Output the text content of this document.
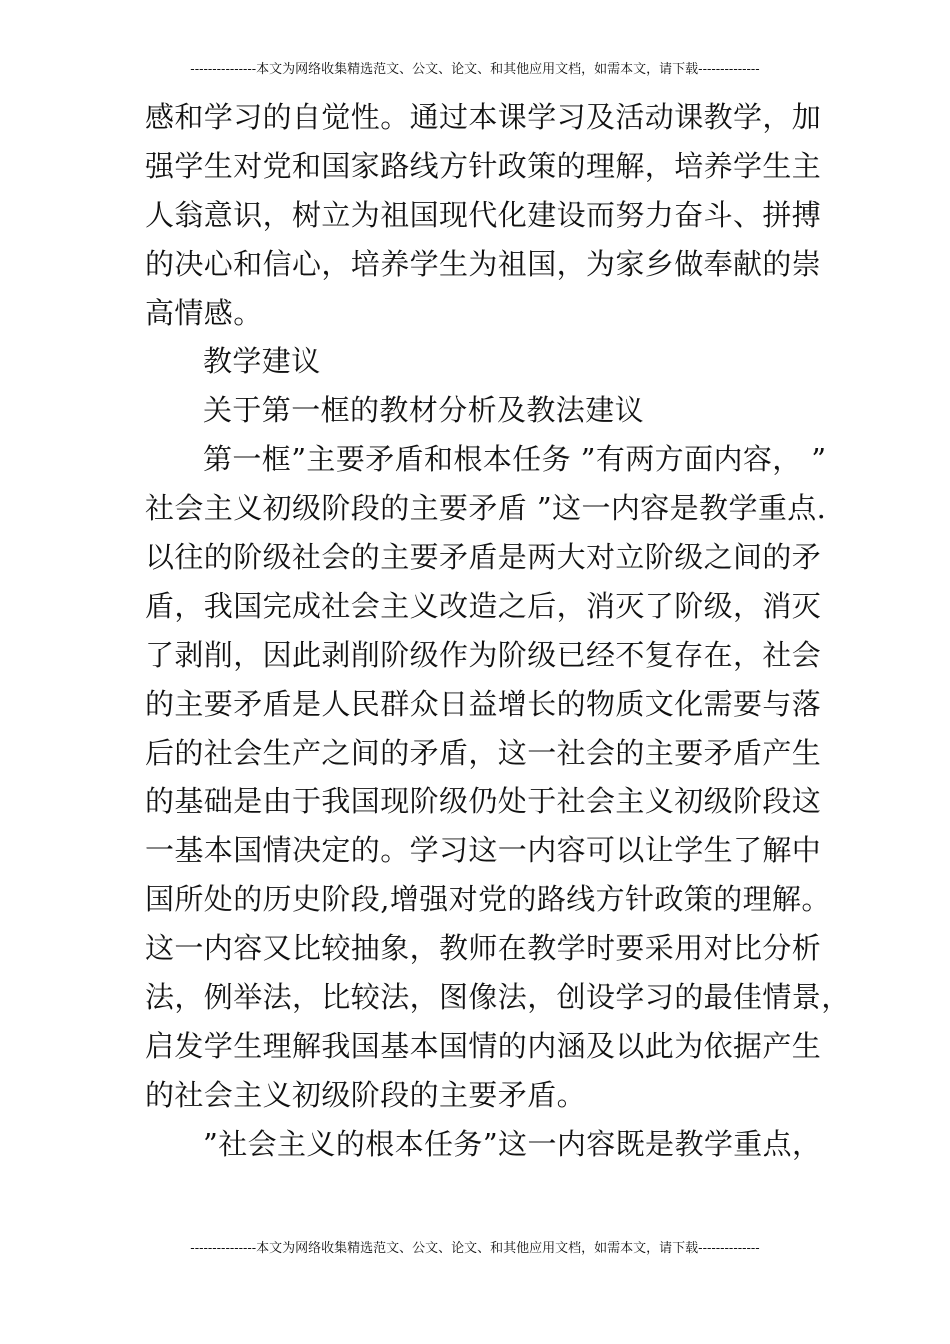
---------------本文为网络收集精选范文、公文、论文、和其他应用文档，如需本文，请下载--------------
感和学习的自觉性。通过本课学习及活动课教学，加
强学生对党和国家路线方针政策的理解，培养学生主
人翁意识，树立为祖国现代化建设而努力奋斗、拼搏
的决心和信心，培养学生为祖国，为家乡做奉献的崇
高情感。
教学建议
关于第一框的教材分析及教法建议
第一框”主要矛盾和根本任务 ”有两方面内容， ”
社会主义初级阶段的主要矛盾 ”这一内容是教学重点.
以往的阶级社会的主要矛盾是两大对立阶级之间的矛
盾，我国完成社会主义改造之后，消灭了阶级，消灭
了剥削，因此剥削阶级作为阶级已经不复存在，社会
的主要矛盾是人民群众日益增长的物质文化需要与落
后的社会生产之间的矛盾，这一社会的主要矛盾产生
的基础是由于我国现阶级仍处于社会主义初级阶段这
一基本国情决定的。学习这一内容可以让学生了解中
国所处的历史阶段,增强对党的路线方针政策的理解。
这一内容又比较抽象，教师在教学时要采用对比分析
法，例举法，比较法，图像法，创设学习的最佳情景，
启发学生理解我国基本国情的内涵及以此为依据产生
的社会主义初级阶段的主要矛盾。
”社会主义的根本任务”这一内容既是教学重点，
---------------本文为网络收集精选范文、公文、论文、和其他应用文档，如需本文，请下载--------------
